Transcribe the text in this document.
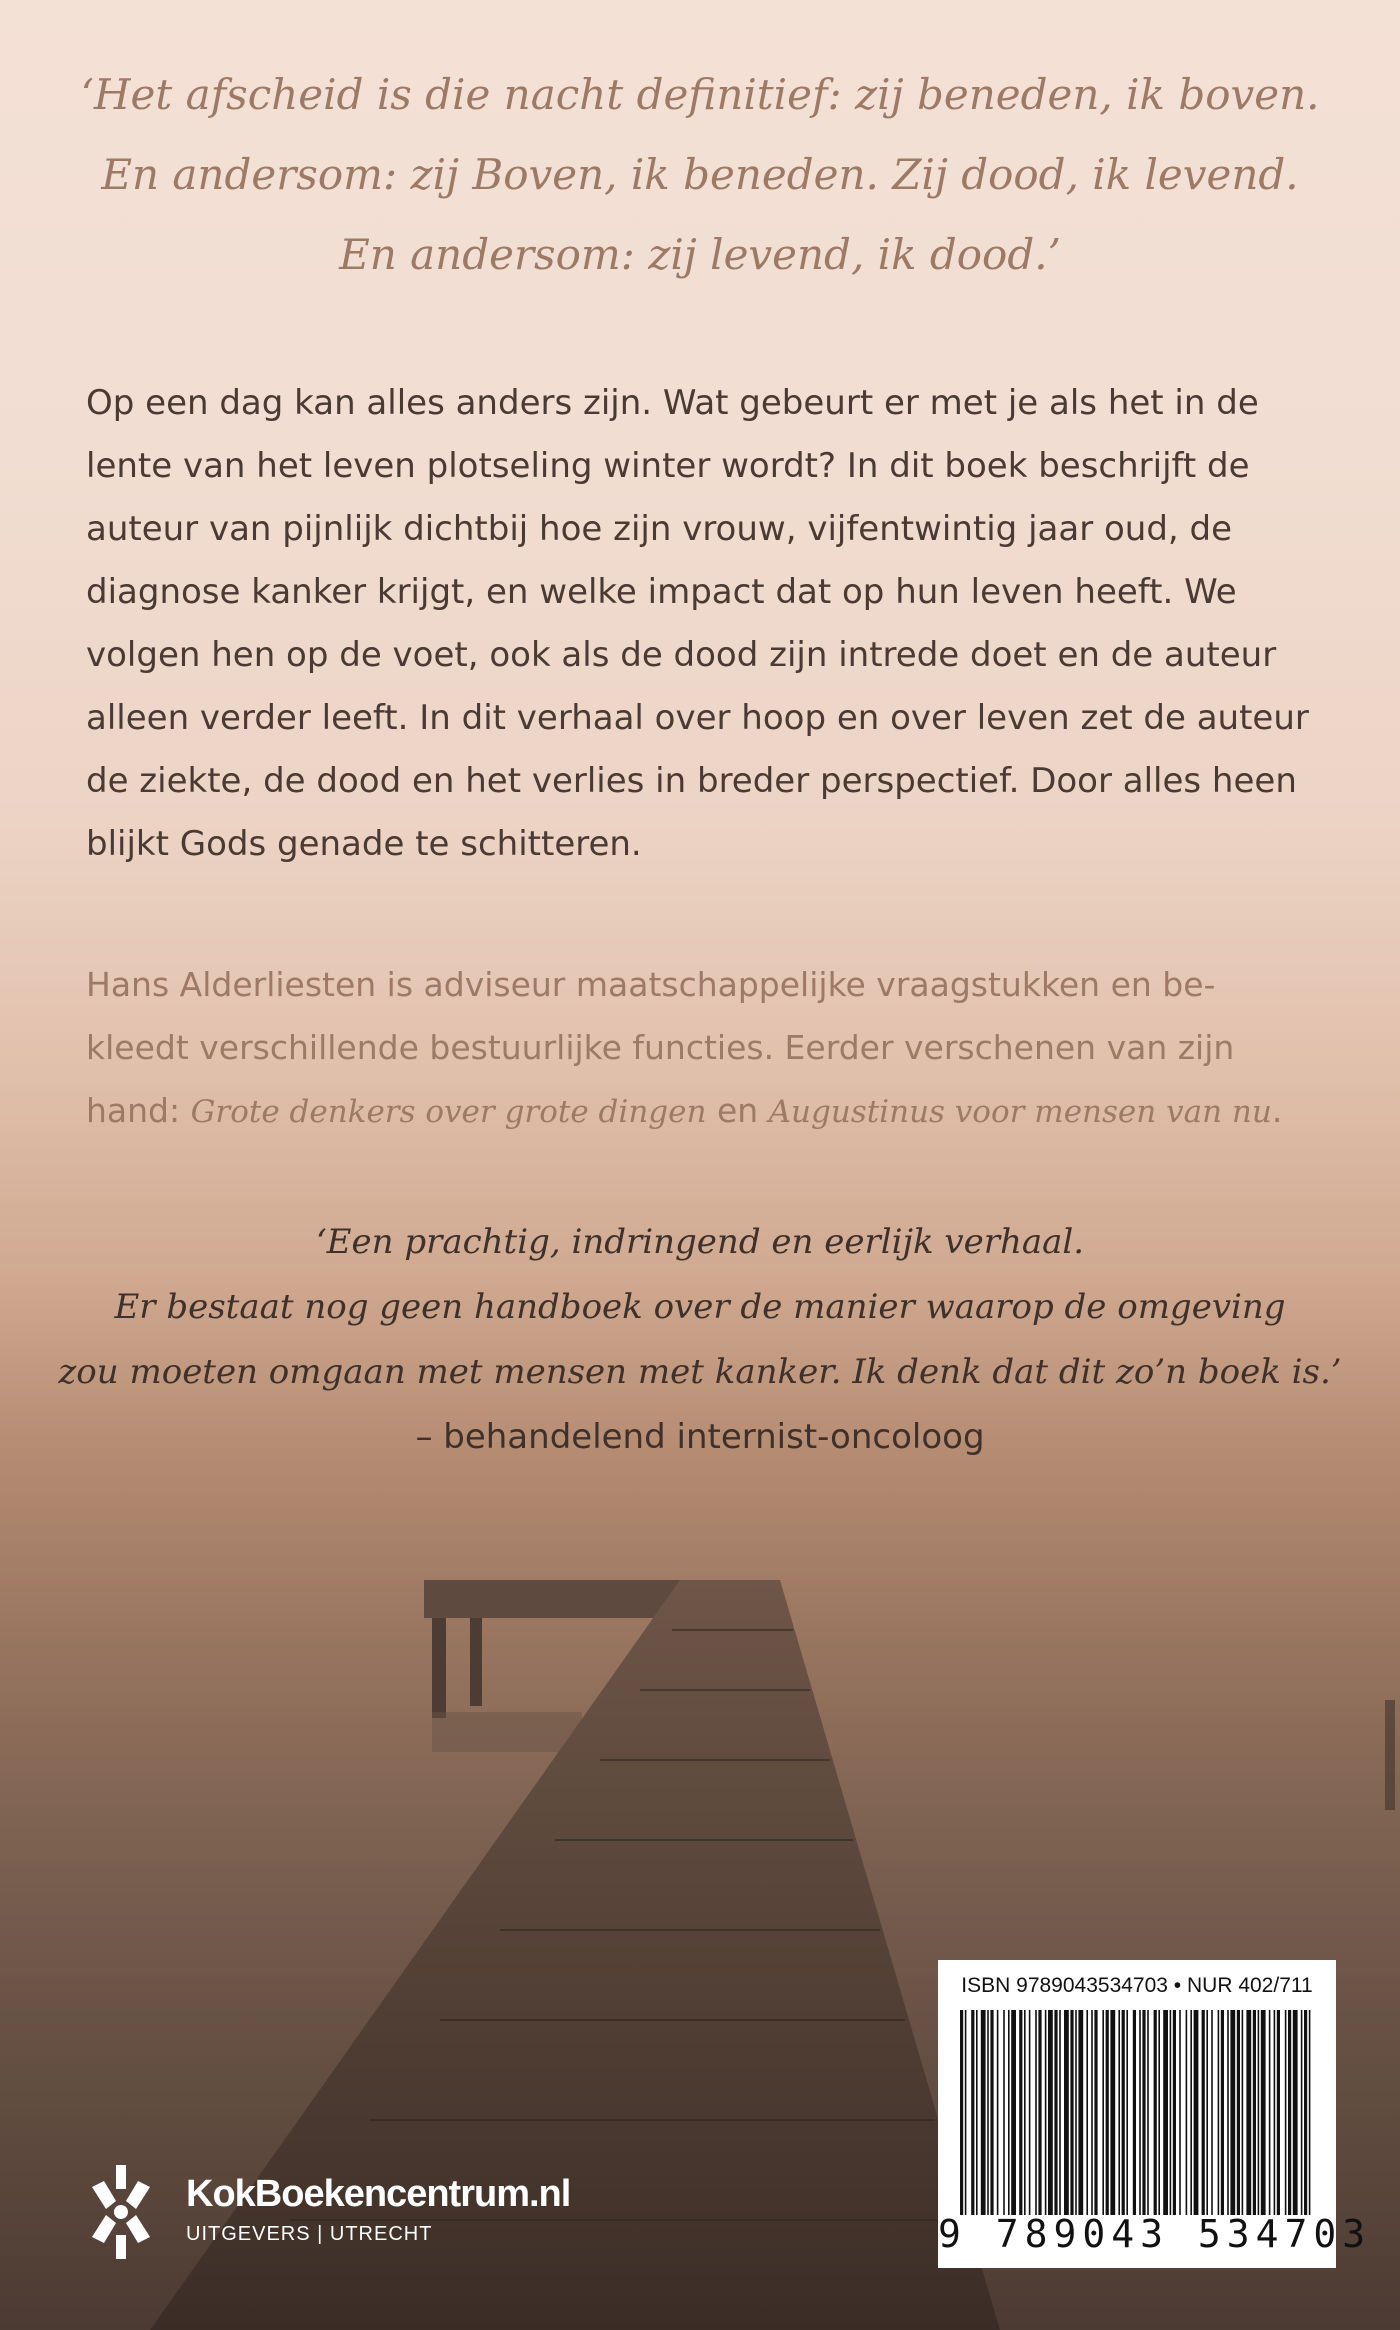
‘Het afscheid is die nacht definitief: zij beneden, ik boven.
En andersom: zij Boven, ik beneden. Zij dood, ik levend.
En andersom: zij levend, ik dood.’
Op een dag kan alles anders zijn. Wat gebeurt er met je als het in de
lente van het leven plotseling winter wordt? In dit boek beschrijft de
auteur van pijnlijk dichtbij hoe zijn vrouw, vijfentwintig jaar oud, de
diagnose kanker krijgt, en welke impact dat op hun leven heeft. We
volgen hen op de voet, ook als de dood zijn intrede doet en de auteur
alleen verder leeft. In dit verhaal over hoop en over leven zet de auteur
de ziekte, de dood en het verlies in breder perspectief. Door alles heen
blijkt Gods genade te schitteren.
Hans Alderliesten is adviseur maatschappelijke vraagstukken en be-
kleedt verschillende bestuurlijke functies. Eerder verschenen van zijn
hand: Grote denkers over grote dingen en Augustinus voor mensen van nu.
‘Een prachtig, indringend en eerlijk verhaal.
Er bestaat nog geen handboek over de manier waarop de omgeving
zou moeten omgaan met mensen met kanker. Ik denk dat dit zo’n boek is.’
– behandelend internist-oncoloog
KokBoekencentrum.nl
UITGEVERS | UTRECHT
ISBN 9789043534703 • NUR 402/711
9 789043 534703
